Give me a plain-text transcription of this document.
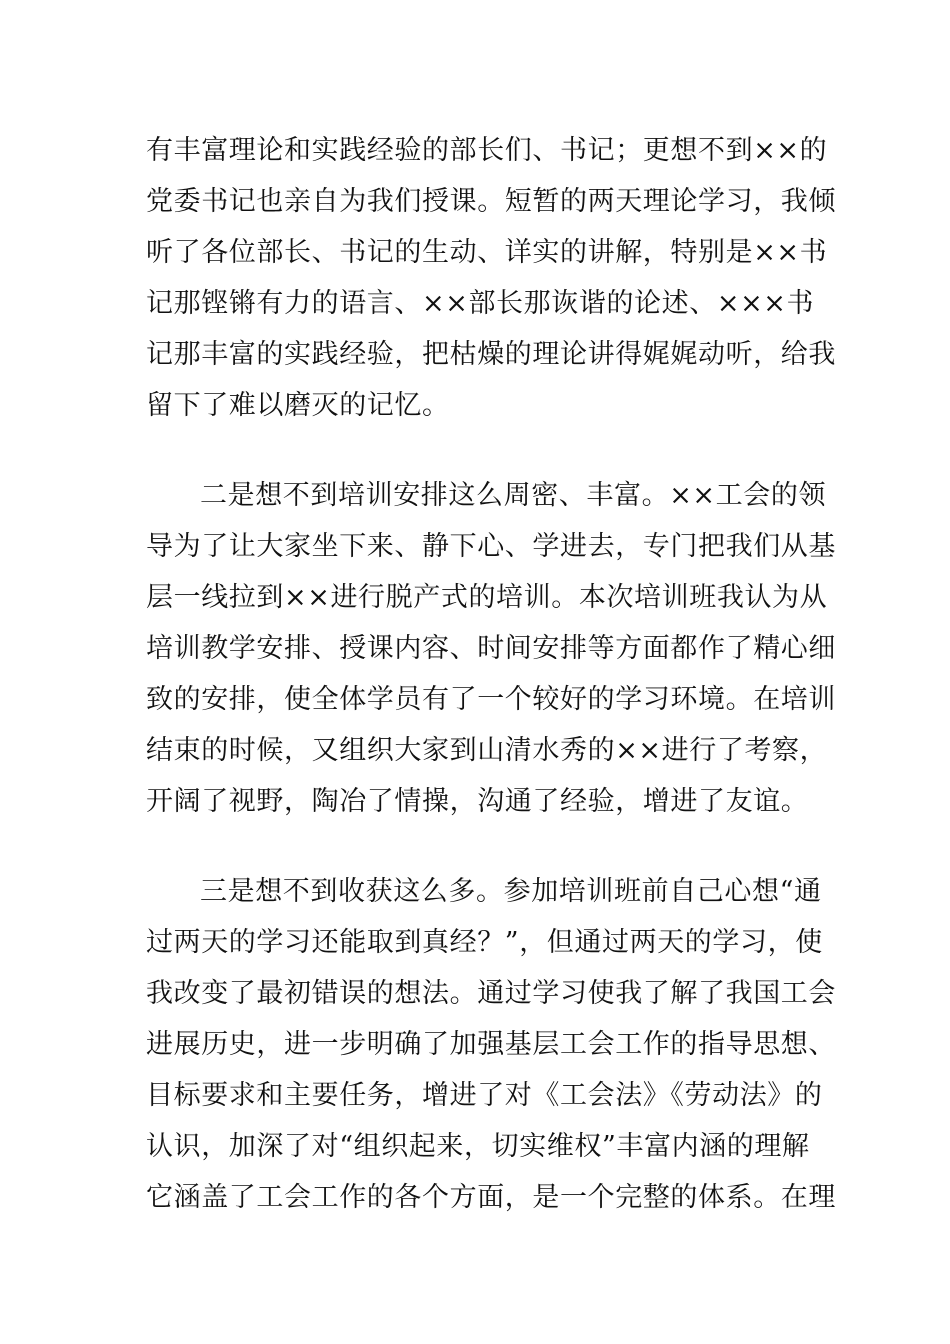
有丰富理论和实践经验的部长们、书记；更想不到××的
党委书记也亲自为我们授课。短暂的两天理论学习，我倾
听了各位部长、书记的生动、详实的讲解，特别是××书
记那铿锵有力的语言、××部长那诙谐的论述、×××书
记那丰富的实践经验，把枯燥的理论讲得娓娓动听，给我
留下了难以磨灭的记忆。

二是想不到培训安排这么周密、丰富。××工会的领
导为了让大家坐下来、静下心、学进去，专门把我们从基
层一线拉到××进行脱产式的培训。本次培训班我认为从
培训教学安排、授课内容、时间安排等方面都作了精心细
致的安排，使全体学员有了一个较好的学习环境。在培训
结束的时候，又组织大家到山清水秀的××进行了考察，
开阔了视野，陶冶了情操，沟通了经验，增进了友谊。

三是想不到收获这么多。参加培训班前自己心想“通
过两天的学习还能取到真经？”，但通过两天的学习，使
我改变了最初错误的想法。通过学习使我了解了我国工会
进展历史，进一步明确了加强基层工会工作的指导思想、
目标要求和主要任务，增进了对《工会法》《劳动法》的
认识，加深了对“组织起来，切实维权”丰富内涵的理解
它涵盖了工会工作的各个方面，是一个完整的体系。在理
